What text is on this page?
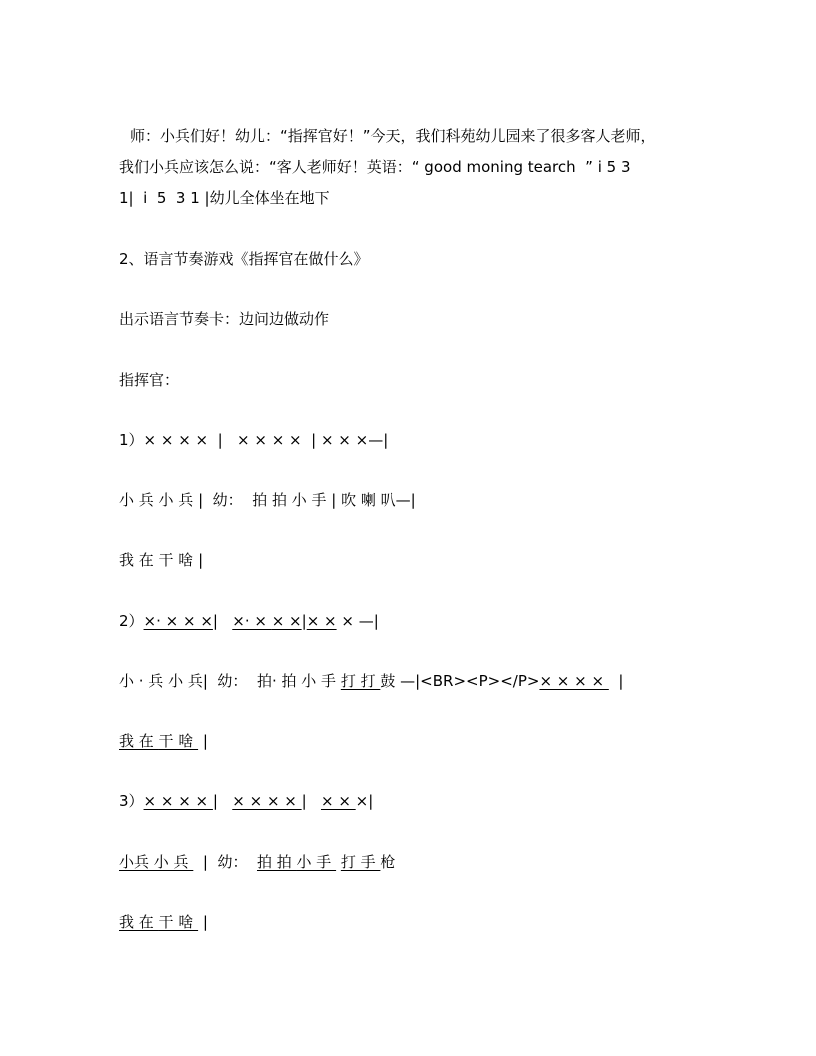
师：小兵们好！幼儿：“指挥官好！”今天，我们科苑幼儿园来了很多客人老师，
我们小兵应该怎么说：“客人老师好！英语：“ good moning tearch  ” i 5 3
1|  i  5  3 1 |幼儿全体坐在地下
2、语言节奏游戏《指挥官在做什么》
出示语言节奏卡：边问边做动作
指挥官：
1）× × × ×  |   × × × ×  | × × ×—|
小 兵 小 兵 |  幼：  拍 拍 小 手 | 吹 喇 叭—|
我 在 干 啥 |
2）×· × × ×|   ×· × × ×|× × × —|
小 · 兵 小 兵|  幼：  拍· 拍 小 手 打 打 鼓 —|<BR><P></P>× × × ×   |
我 在 干 啥  |
3）× × × × |   × × × × |   × × ×|
小兵 小 兵   |  幼：  拍 拍 小 手  打 手 枪
我 在 干 啥  |
